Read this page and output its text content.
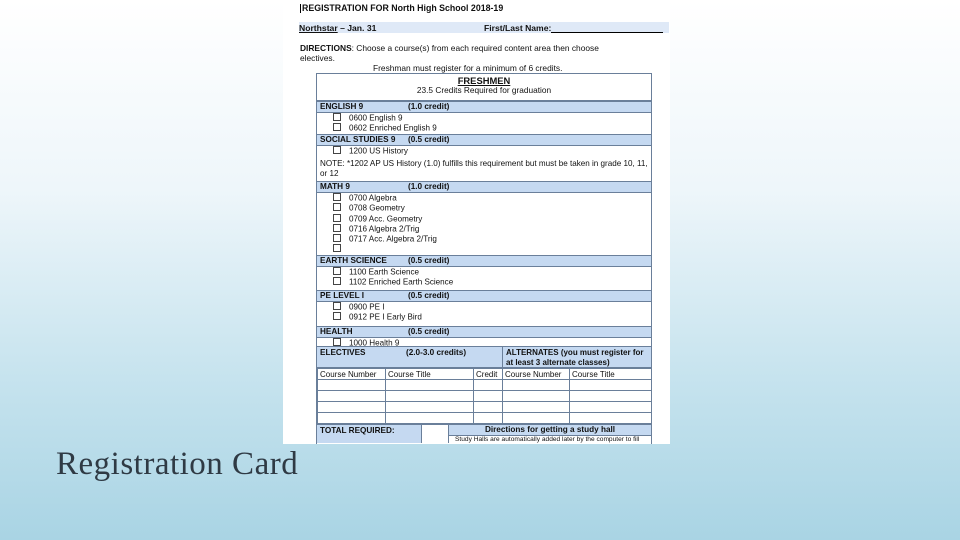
REGISTRATION FOR North High School 2018-19
Northstar – Jan. 31	First/Last Name:
DIRECTIONS: Choose a course(s) from each required content area then choose electives.
Freshman must register for a minimum of 6 credits.
FRESHMEN
23.5 Credits Required for graduation
ENGLISH 9	(1.0 credit)
0600 English 9
0602 Enriched English 9
SOCIAL STUDIES 9 (0.5 credit)
1200 US History
NOTE: *1202 AP US History (1.0) fulfills this requirement but must be taken in grade 10, 11, or 12
MATH 9	(1.0 credit)
0700 Algebra
0708 Geometry
0709 Acc. Geometry
0716 Algebra 2/Trig
0717 Acc. Algebra 2/Trig
EARTH SCIENCE	(0.5 credit)
1100 Earth Science
1102 Enriched Earth Science
PE LEVEL I	(0.5 credit)
0900 PE I
0912 PE I Early Bird
HEALTH	(0.5 credit)
1000 Health 9
ELECTIVES	(2.0-3.0 credits)	ALTERNATES (you must register for at least 3 alternate classes)
Course Number	Course Title	Credit	Course Number	Course Title

TOTAL REQUIRED:	Directions for getting a study hall
Study Halls are automatically added later by the computer to fill
Registration Card
